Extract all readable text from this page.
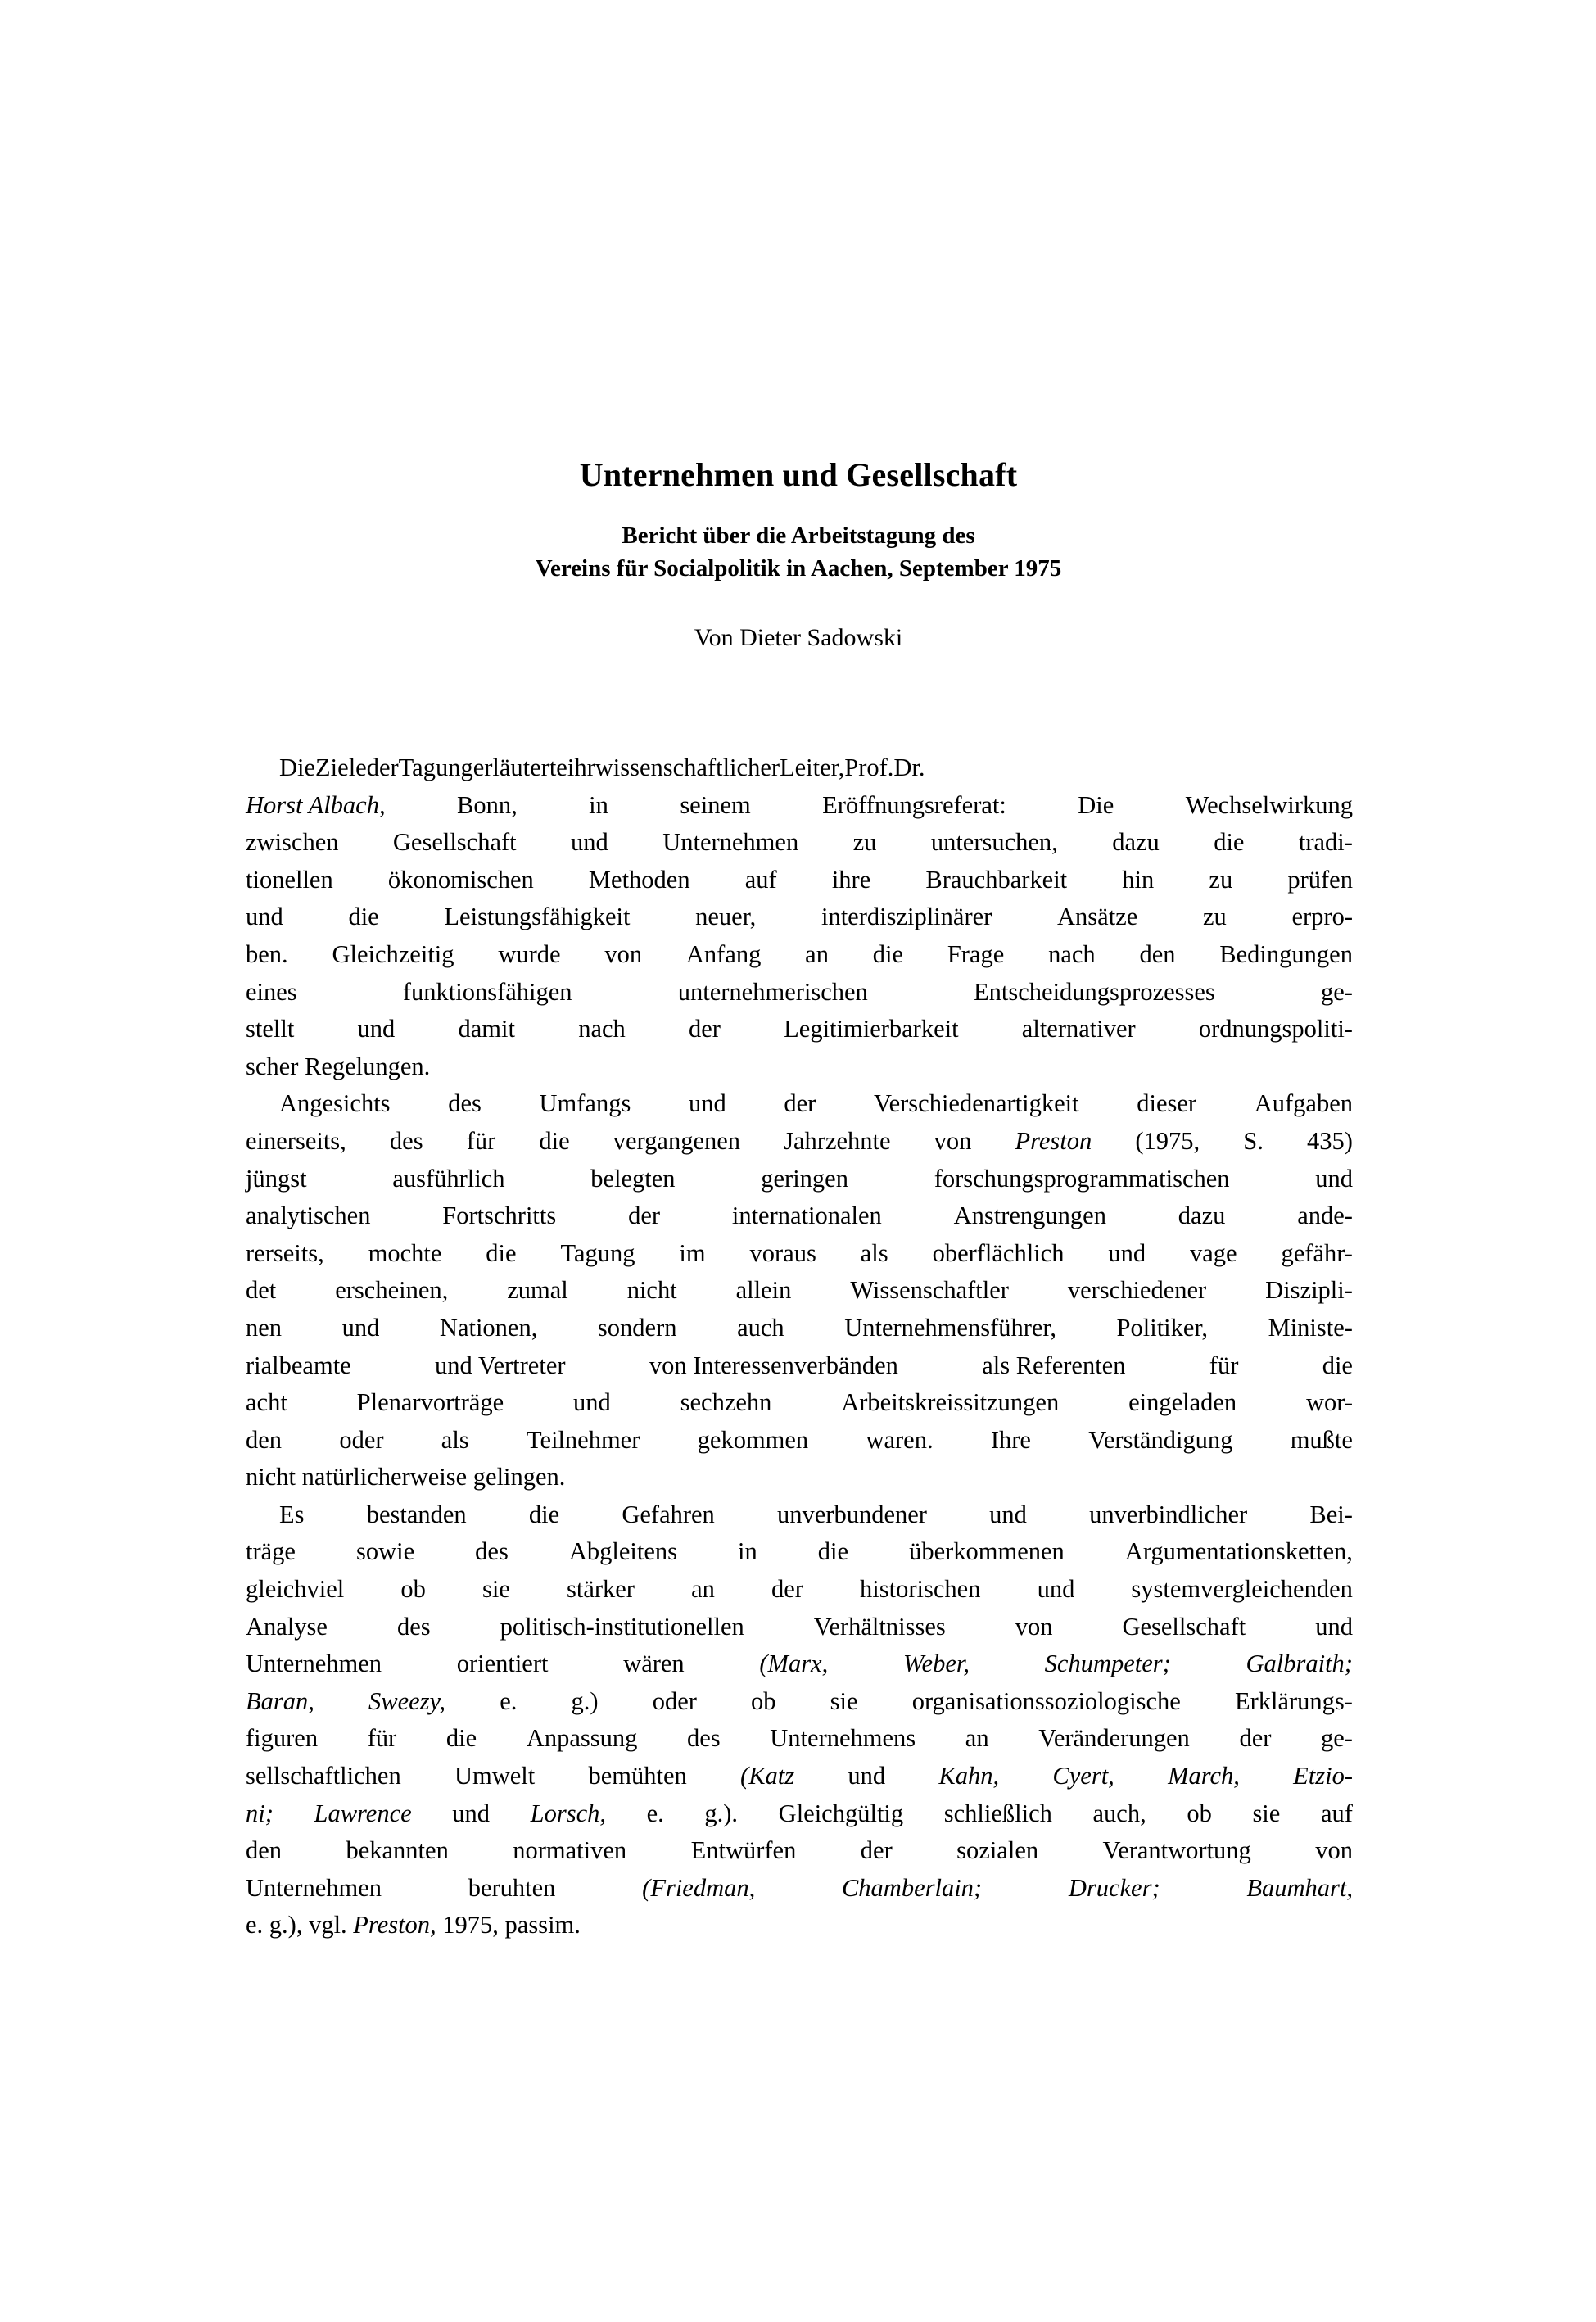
Unternehmen und Gesellschaft
Bericht über die Arbeitstagung des
Vereins für Socialpolitik in Aachen, September 1975
Von Dieter Sadowski
Die Ziele der Tagung erläuterte ihr wissenschaftlicher Leiter, Prof. Dr.
Horst Albach,	Bonn,	in	seinem	Eröffnungsreferat:	Die	Wechselwirkung
zwischen Gesellschaft und Unternehmen zu untersuchen, dazu die tradi-
tionellen ökonomischen Methoden auf ihre Brauchbarkeit hin zu prüfen
und	die	Leistungsfähigkeit	neuer,	interdisziplinärer	Ansätze	zu	erpro-
ben. Gleichzeitig wurde von Anfang an die Frage nach den Bedingungen
eines	funktionsfähigen	unternehmerischen	Entscheidungsprozesses	ge-
stellt	und	damit	nach	der	Legitimierbarkeit	alternativer	ordnungspoliti-
scher Regelungen.
Angesichts des Umfangs und der Verschiedenartigkeit dieser Aufgaben
einerseits, des für die vergangenen Jahrzehnte von Preston (1975, S. 435)
jüngst	ausführlich	belegten	geringen	forschungsprogrammatischen	und
analytischen	Fortschritts	der	internationalen	Anstrengungen	dazu	ande-
rerseits, mochte die Tagung im voraus als oberflächlich und vage gefähr-
det erscheinen, zumal nicht allein Wissenschaftler verschiedener Diszipli-
nen und Nationen, sondern auch Unternehmensführer, Politiker, Ministe-
rialbeamte	und Vertreter	von Interessenverbänden	als Referenten	für	die
acht	Plenarvorträge	und	sechzehn	Arbeitskreissitzungen	eingeladen	wor-
den oder als Teilnehmer gekommen waren. Ihre Verständigung mußte
nicht natürlicherweise gelingen.
Es bestanden die Gefahren unverbundener und unverbindlicher Bei-
träge sowie des Abgleitens in die überkommenen Argumentationsketten,
gleichviel ob sie stärker an der historischen und systemvergleichenden
Analyse	des	politisch-institutionellen	Verhältnisses	von	Gesellschaft	und
Unternehmen	orientiert	wären	(Marx,	Weber,	Schumpeter;	Galbraith;
Baran, Sweezy, e. g.) oder ob sie organisationssoziologische Erklärungs-
figuren für die Anpassung des Unternehmens an Veränderungen der ge-
sellschaftlichen Umwelt bemühten (Katz und Kahn, Cyert, March, Etzio-
ni; Lawrence und Lorsch, e. g.). Gleichgültig schließlich auch, ob sie auf
den	bekannten	normativen	Entwürfen	der	sozialen	Verantwortung	von
Unternehmen	beruhten	(Friedman,	Chamberlain;	Drucker;	Baumhart,
e. g.), vgl. Preston, 1975, passim.
